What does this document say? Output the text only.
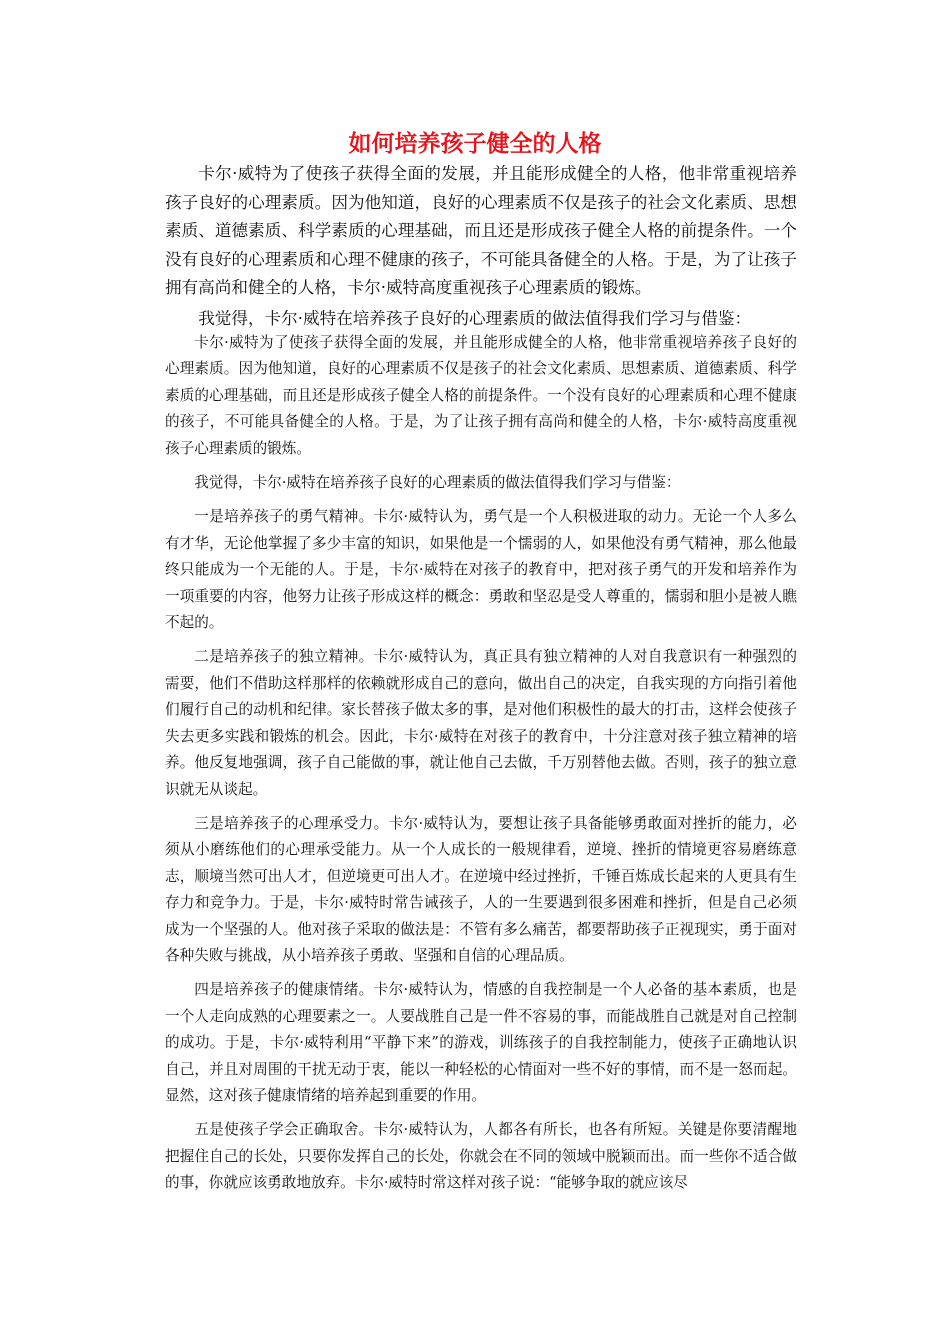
如何培养孩子健全的人格

卡尔·威特为了使孩子获得全面的发展，并且能形成健全的人格，他非常重视培养孩子良好的心理素质。因为他知道，良好的心理素质不仅是孩子的社会文化素质、思想素质、道德素质、科学素质的心理基础，而且还是形成孩子健全人格的前提条件。一个没有良好的心理素质和心理不健康的孩子，不可能具备健全的人格。于是，为了让孩子拥有高尚和健全的人格，卡尔·威特高度重视孩子心理素质的锻炼。

我觉得，卡尔·威特在培养孩子良好的心理素质的做法值得我们学习与借鉴：

卡尔·威特为了使孩子获得全面的发展，并且能形成健全的人格，他非常重视培养孩子良好的心理素质。因为他知道，良好的心理素质不仅是孩子的社会文化素质、思想素质、道德素质、科学素质的心理基础，而且还是形成孩子健全人格的前提条件。一个没有良好的心理素质和心理不健康的孩子，不可能具备健全的人格。于是，为了让孩子拥有高尚和健全的人格，卡尔·威特高度重视孩子心理素质的锻炼。

我觉得，卡尔·威特在培养孩子良好的心理素质的做法值得我们学习与借鉴：

一是培养孩子的勇气精神。卡尔·威特认为，勇气是一个人积极进取的动力。无论一个人多么有才华，无论他掌握了多少丰富的知识，如果他是一个懦弱的人，如果他没有勇气精神，那么他最终只能成为一个无能的人。于是，卡尔·威特在对孩子的教育中，把对孩子勇气的开发和培养作为一项重要的内容，他努力让孩子形成这样的概念：勇敢和坚忍是受人尊重的，懦弱和胆小是被人瞧不起的。

二是培养孩子的独立精神。卡尔·威特认为，真正具有独立精神的人对自我意识有一种强烈的需要，他们不借助这样那样的依赖就形成自己的意向，做出自己的决定，自我实现的方向指引着他们履行自己的动机和纪律。家长替孩子做太多的事，是对他们积极性的最大的打击，这样会使孩子失去更多实践和锻炼的机会。因此，卡尔·威特在对孩子的教育中，十分注意对孩子独立精神的培养。他反复地强调，孩子自己能做的事，就让他自己去做，千万别替他去做。否则，孩子的独立意识就无从谈起。

三是培养孩子的心理承受力。卡尔·威特认为，要想让孩子具备能够勇敢面对挫折的能力，必须从小磨练他们的心理承受能力。从一个人成长的一般规律看，逆境、挫折的情境更容易磨练意志，顺境当然可出人才，但逆境更可出人才。在逆境中经过挫折，千锤百炼成长起来的人更具有生存力和竞争力。于是，卡尔·威特时常告诫孩子，人的一生要遇到很多困难和挫折，但是自己必须成为一个坚强的人。他对孩子采取的做法是：不管有多么痛苦，都要帮助孩子正视现实，勇于面对各种失败与挑战，从小培养孩子勇敢、坚强和自信的心理品质。

四是培养孩子的健康情绪。卡尔·威特认为，情感的自我控制是一个人必备的基本素质，也是一个人走向成熟的心理要素之一。人要战胜自己是一件不容易的事，而能战胜自己就是对自己控制的成功。于是，卡尔·威特利用“平静下来”的游戏，训练孩子的自我控制能力，使孩子正确地认识自己，并且对周围的干扰无动于衷，能以一种轻松的心情面对一些不好的事情，而不是一怒而起。显然，这对孩子健康情绪的培养起到重要的作用。

五是使孩子学会正确取舍。卡尔·威特认为，人都各有所长，也各有所短。关键是你要清醒地把握住自己的长处，只要你发挥自己的长处，你就会在不同的领域中脱颖而出。而一些你不适合做的事，你就应该勇敢地放弃。卡尔·威特时常这样对孩子说：“能够争取的就应该尽
